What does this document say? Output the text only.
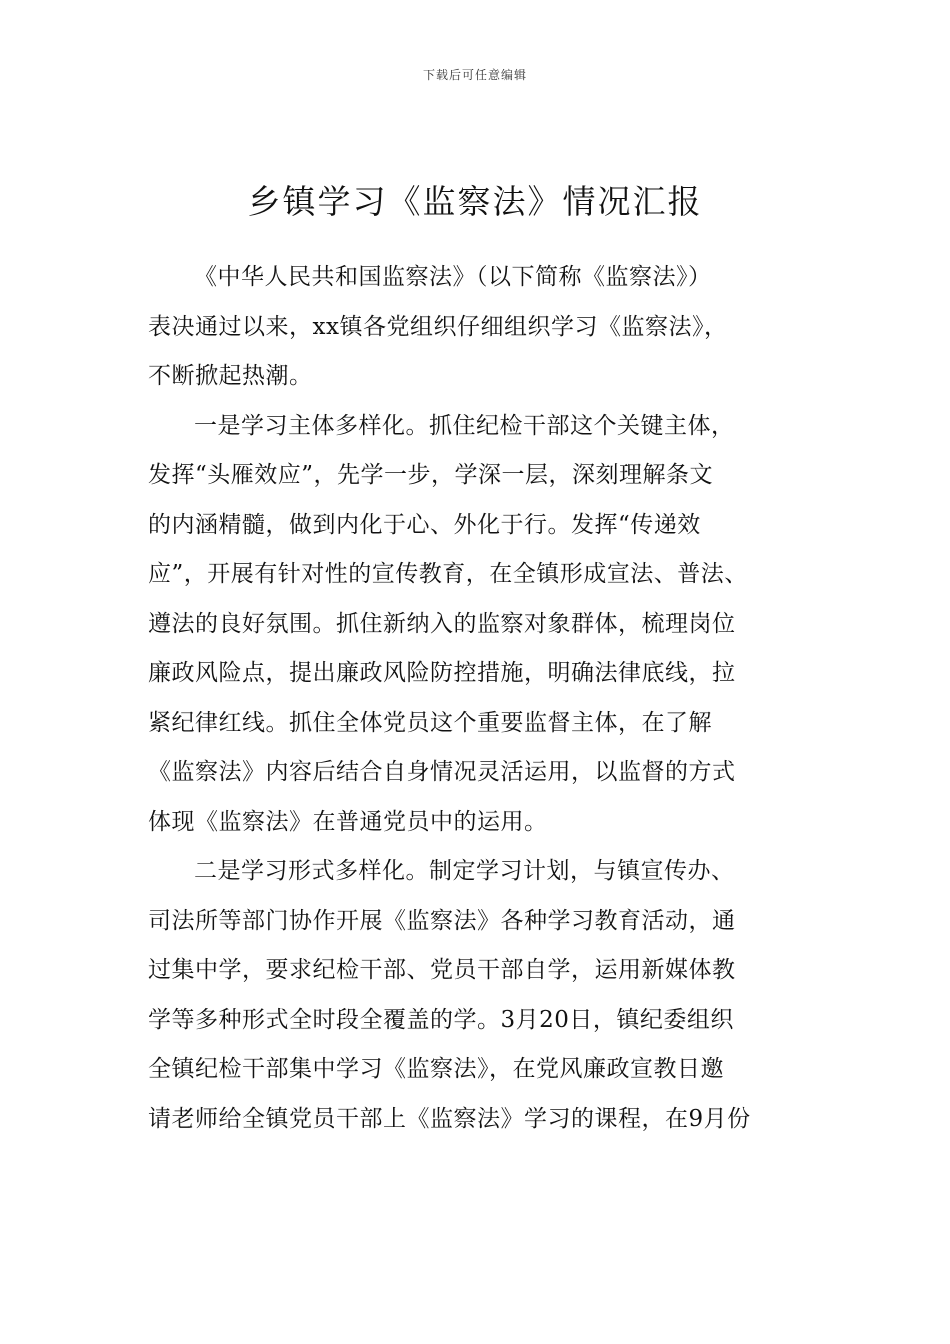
下载后可任意编辑
乡镇学习《监察法》情况汇报
《中华人民共和国监察法》（以下简称《监察法》）
表决通过以来，xx镇各党组织仔细组织学习《监察法》，
不断掀起热潮。
一是学习主体多样化。抓住纪检干部这个关键主体，
发挥“头雁效应”，先学一步，学深一层，深刻理解条文
的内涵精髓，做到内化于心、外化于行。发挥“传递效
应”，开展有针对性的宣传教育，在全镇形成宣法、普法、
遵法的良好氛围。抓住新纳入的监察对象群体，梳理岗位
廉政风险点，提出廉政风险防控措施，明确法律底线，拉
紧纪律红线。抓住全体党员这个重要监督主体，在了解
《监察法》内容后结合自身情况灵活运用，以监督的方式
体现《监察法》在普通党员中的运用。
二是学习形式多样化。制定学习计划，与镇宣传办、
司法所等部门协作开展《监察法》各种学习教育活动，通
过集中学，要求纪检干部、党员干部自学，运用新媒体教
学等多种形式全时段全覆盖的学。3月20日，镇纪委组织
全镇纪检干部集中学习《监察法》，在党风廉政宣教日邀
请老师给全镇党员干部上《监察法》学习的课程，在9月份
